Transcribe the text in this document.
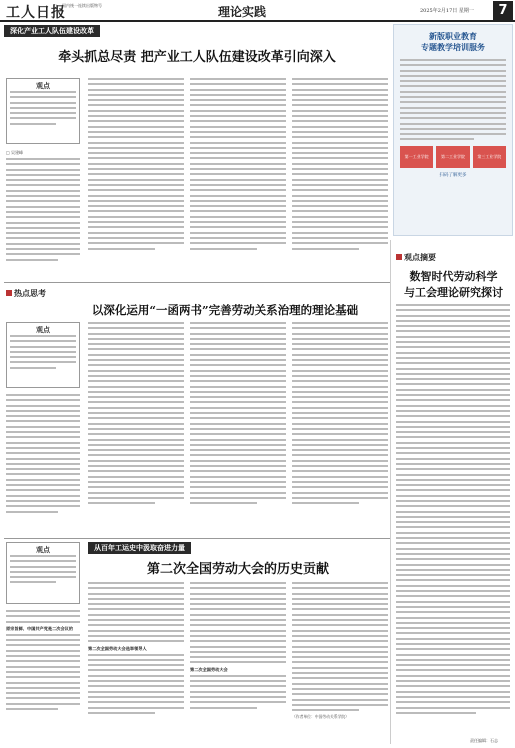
工人日报
国内统一连续出版物号	理论实践	2025年2月17日 星期一	7
深化产业工人队伍建设改革
牵头抓总尽责 把产业工人队伍建设改革引向深入
观点
□ 吴建峰
新版职业教育
专题教学培训服务
第一工业学院	第二工业学院	第三工业学院
扫码了解更多
热点思考
以深化运用“一函两书”完善劳动关系治理的理论基础
观点
观点摘要
数智时代劳动科学
与工会理论研究探讨
从百年工运史中汲取奋进力量
第二次全国劳动大会的历史贡献
观点
原宗旨鲜、中国共产党是二次会议的
第二次全国劳动大会选举领导人
第二次全国劳动大会
（作者单位：中国劳动关系学院）
责任编辑：石志
